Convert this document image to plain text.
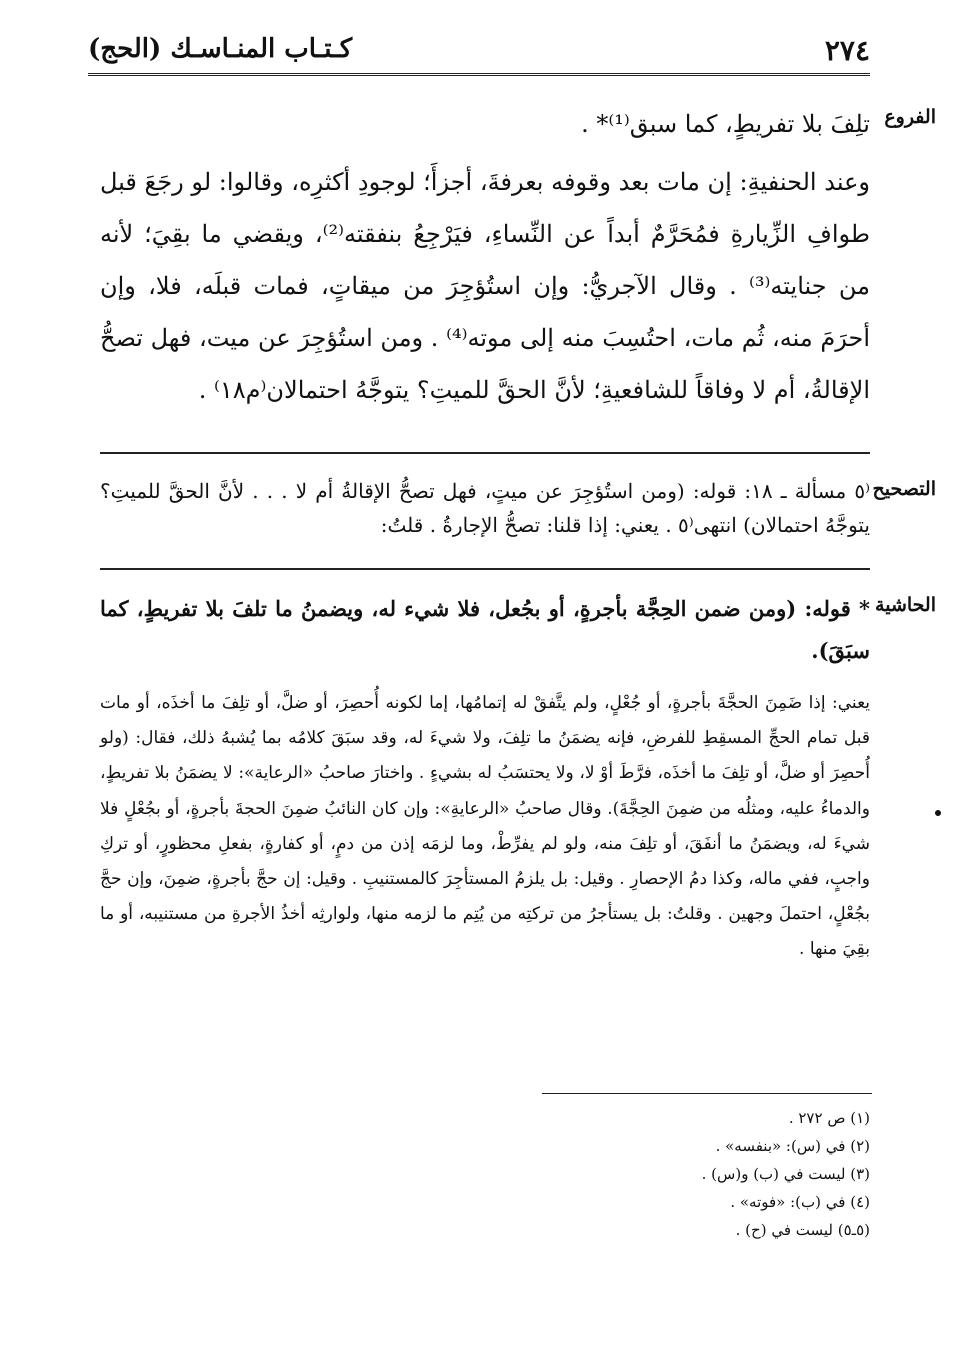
٢٧٤
كـتـاب المنـاسـك (الحج)
الفروع
تلِفَ بلا تفريطٍ، كما سبق⁽¹⁾* .
وعند الحنفيةِ: إن مات بعد وقوفه بعرفةَ، أجزأَ؛ لوجودِ أكثرِه، وقالوا: لو رجَعَ قبل طوافِ الزِّيارةِ فمُحَرَّمٌ أبداً عن النِّساءِ، فيَرْجِعُ بنفقته⁽²⁾، ويقضي ما بقِيَ؛ لأنه من جنايته⁽³⁾ . وقال الآجريُّ: وإن استُؤجِرَ من ميقاتٍ، فمات قبلَه، فلا، وإن أحرَمَ منه، ثُم مات، احتُسِبَ منه إلى موته⁽⁴⁾ . ومن استُؤجِرَ عن ميت، فهل تصحُّ الإقالةُ، أم لا وفاقاً للشافعيةِ؛ لأنَّ الحقَّ للميتِ؟ يتوجَّهُ احتمالان⁽م١٨⁾ .
التصحيح
⁽٥ مسألة ـ ١٨: قوله: (ومن استُؤجِرَ عن ميتٍ، فهل تصحُّ الإقالةُ أم لا . . . لأنَّ الحقَّ للميتِ؟ يتوجَّهُ احتمالان) انتهى⁽٥ . يعني: إذا قلنا: تصحُّ الإجارةُ . قلتُ:
الحاشية
* قوله: (ومن ضمن الحِجَّة بأجرةٍ، أو بجُعل، فلا شيء له، ويضمنُ ما تلفَ بلا تفريطٍ، كما سبَقَ).
يعني: إذا ضَمِنَ الحجَّةَ بأجرةٍ، أو جُعْلٍ، ولم يتَّفقْ له إتمامُها، إما لكونه أُحصِرَ، أو ضلَّ، أو تلِفَ ما أخذَه، أو مات قبل تمام الحجِّ المسقِطِ للفرضِ، فإنه يضمَنُ ما تلِفَ، ولا شيءَ له، وقد سبَقَ كلامُه بما يُشبهُ ذلك، فقال: (ولو أُحصِرَ أو ضلَّ، أو تلِفَ ما أخذَه، فرَّطَ أوْ لا، ولا يحتسَبُ له بشيءٍ . واختارَ صاحبُ «الرعاية»: لا يضمَنُ بلا تفريطٍ، والدماءُ عليه، ومثلُه من ضمِنَ الحِجَّةَ). وقال صاحبُ «الرعايةِ»: وإن كان النائبُ ضمِنَ الحجةَ بأجرةٍ، أو بجُعْلٍ فلا شيءَ له، ويضمَنُ ما أنفَقَ، أو تلِفَ منه، ولو لم يفرِّطْ، وما لزمَه إذن من دمٍ، أو كفارةٍ، بفعلِ محظورٍ، أو تركِ واجبٍ، ففي ماله، وكذا دمُ الإحصارِ . وقيل: بل يلزمُ المستأجِرَ كالمستنيبِ . وقيل: إن حجَّ بأجرةٍ، ضمِنَ، وإن حجَّ بجُعْلٍ، احتملَ وجهين . وقلتُ: بل يستأجرُ من تركتِه من يُتِم ما لزمه منها، ولوارثِه أخذُ الأجرةِ من مستنيبه، أو ما بقِيَ منها .
(١) ص ٢٧٢ .
(٢) في (س): «بنفسه» .
(٣) ليست في (ب) و(س) .
(٤) في (ب): «فوته» .
(٥ـ٥) ليست في (ح) .
